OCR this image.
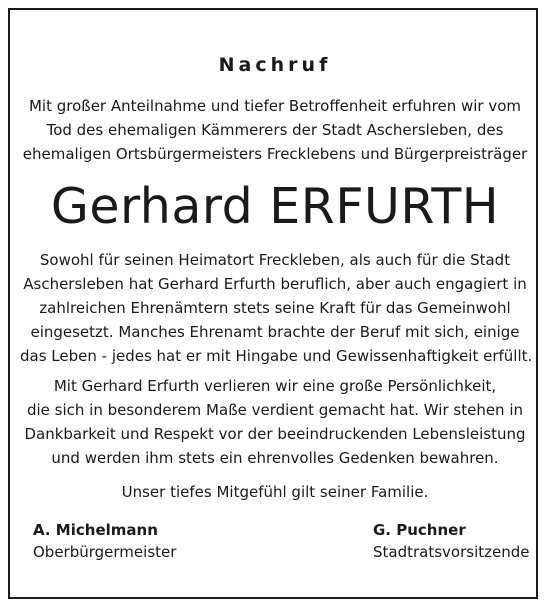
Nachruf
Mit großer Anteilnahme und tiefer Betroffenheit erfuhren wir vom
Tod des ehemaligen Kämmerers der Stadt Aschersleben, des
ehemaligen Ortsbürgermeisters Frecklebens und Bürgerpreisträger
Gerhard ERFURTH
Sowohl für seinen Heimatort Freckleben, als auch für die Stadt
Aschersleben hat Gerhard Erfurth beruflich, aber auch engagiert in
zahlreichen Ehrenämtern stets seine Kraft für das Gemeinwohl
eingesetzt. Manches Ehrenamt brachte der Beruf mit sich, einige
das Leben - jedes hat er mit Hingabe und Gewissenhaftigkeit erfüllt.
Mit Gerhard Erfurth verlieren wir eine große Persönlichkeit,
die sich in besonderem Maße verdient gemacht hat. Wir stehen in
Dankbarkeit und Respekt vor der beeindruckenden Lebensleistung
und werden ihm stets ein ehrenvolles Gedenken bewahren.
Unser tiefes Mitgefühl gilt seiner Familie.
A. Michelmann
Oberbürgermeister
G. Puchner
Stadtratsvorsitzende
